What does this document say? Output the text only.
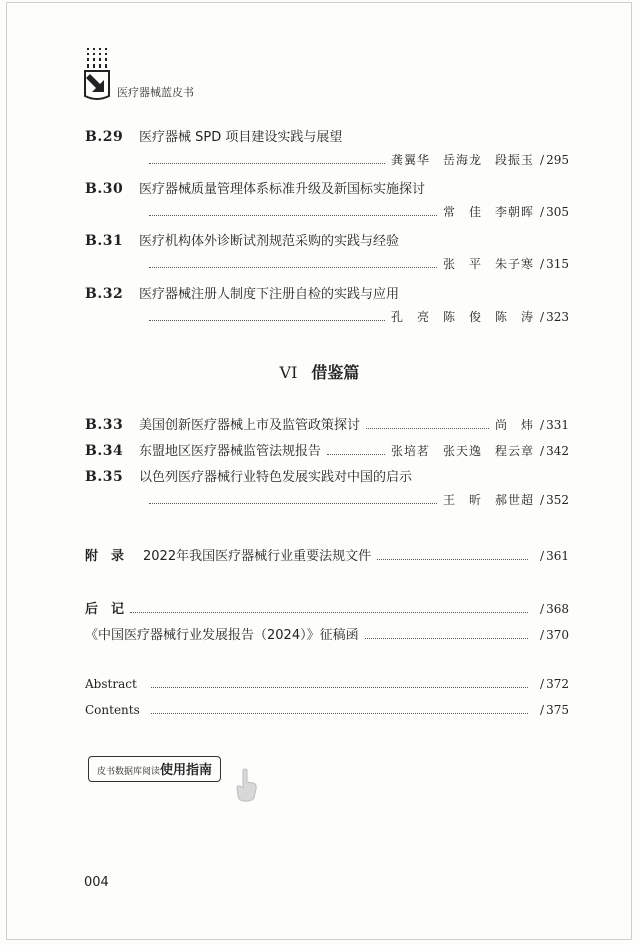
医疗器械蓝皮书
B.29	医疗器械 SPD 项目建设实践与展望
龚翼华　 岳海龙　 段振玉 / 295
B.30	医疗器械质量管理体系标准升级及新国标实施探讨
常　佳　 李朝晖 / 305
B.31	医疗机构体外诊断试剂规范采购的实践与经验
张　平　 朱子寒 / 315
B.32	医疗器械注册人制度下注册自检的实践与应用
孔　亮　 陈　俊　 陈　涛 / 323
VI 借鉴篇
B.33	美国创新医疗器械上市及监管政策探讨	尚　炜 / 331
B.34	东盟地区医疗器械监管法规报告	张培茗　 张天逸　 程云章 / 342
B.35	以色列医疗器械行业特色发展实践对中国的启示
王　昕　 郝世超 / 352
附　录	2022年我国医疗器械行业重要法规文件	/ 361
后　记	/ 368
《中国医疗器械行业发展报告（2024）》征稿函	/ 370
Abstract	/ 372
Contents	/ 375
皮书数据库阅读使用指南
004
